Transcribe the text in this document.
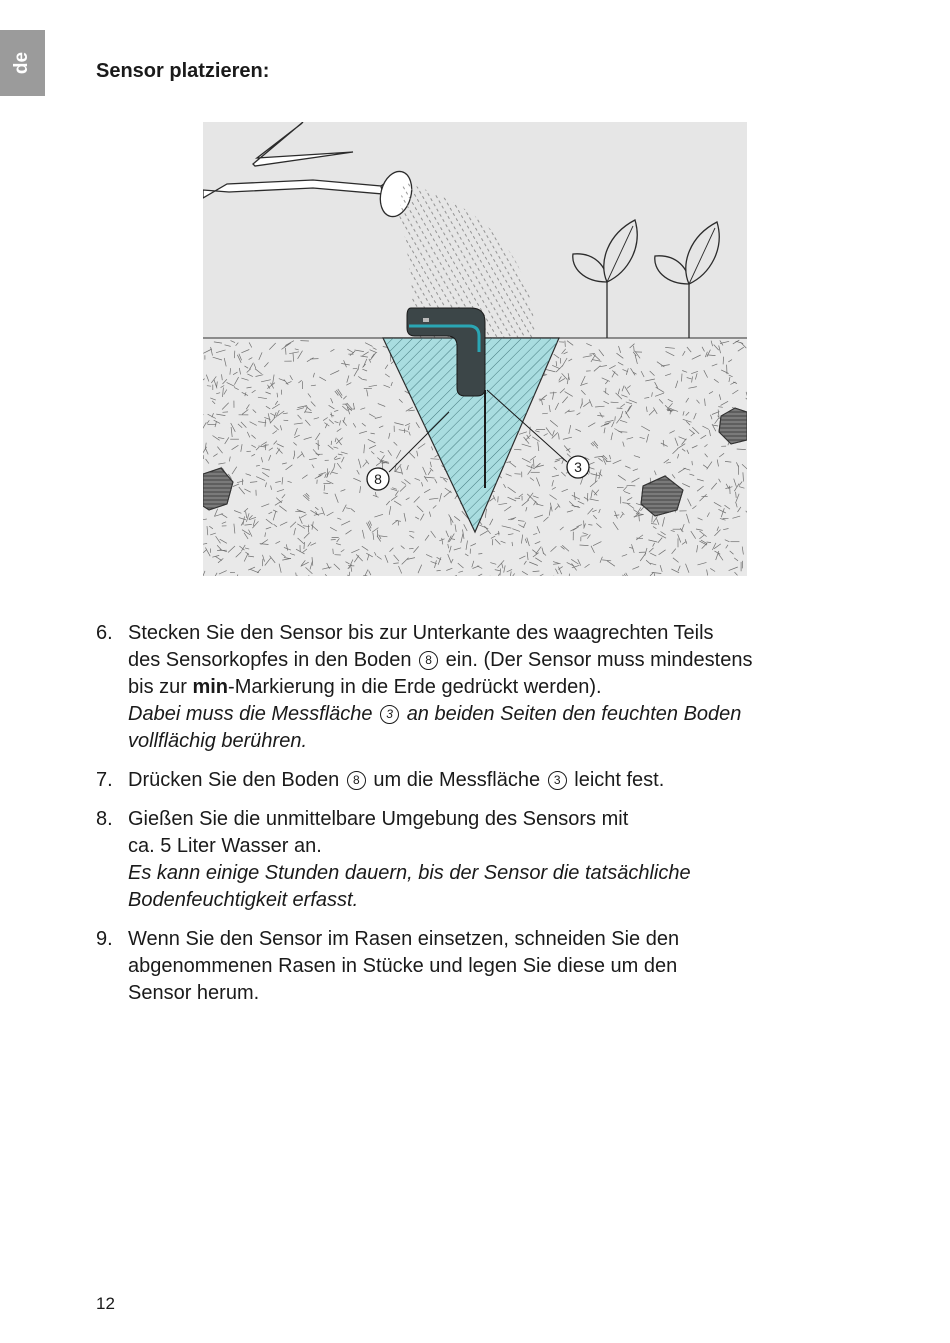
de	Sensor platzieren:
8
3
6. Stecken Sie den Sensor bis zur Unterkante des waagrechten Teils

des Sensorkopfes in den Boden 8 ein. (Der Sensor muss mindestens

bis zur min-Markierung in die Erde gedrückt werden).

Dabei muss die Messfläche 3 an beiden Seiten den feuchten Boden

vollflächig berühren.

7. Drücken Sie den Boden 8 um die Messfläche 3 leicht fest.

8. Gießen Sie die unmittelbare Umgebung des Sensors mit

ca. 5 Liter Wasser an.

Es kann einige Stunden dauern, bis der Sensor die tatsächliche

Bodenfeuchtigkeit erfasst.

9. Wenn Sie den Sensor im Rasen einsetzen, schneiden Sie den

abgenommenen Rasen in Stücke und legen Sie diese um den

Sensor herum.

12
